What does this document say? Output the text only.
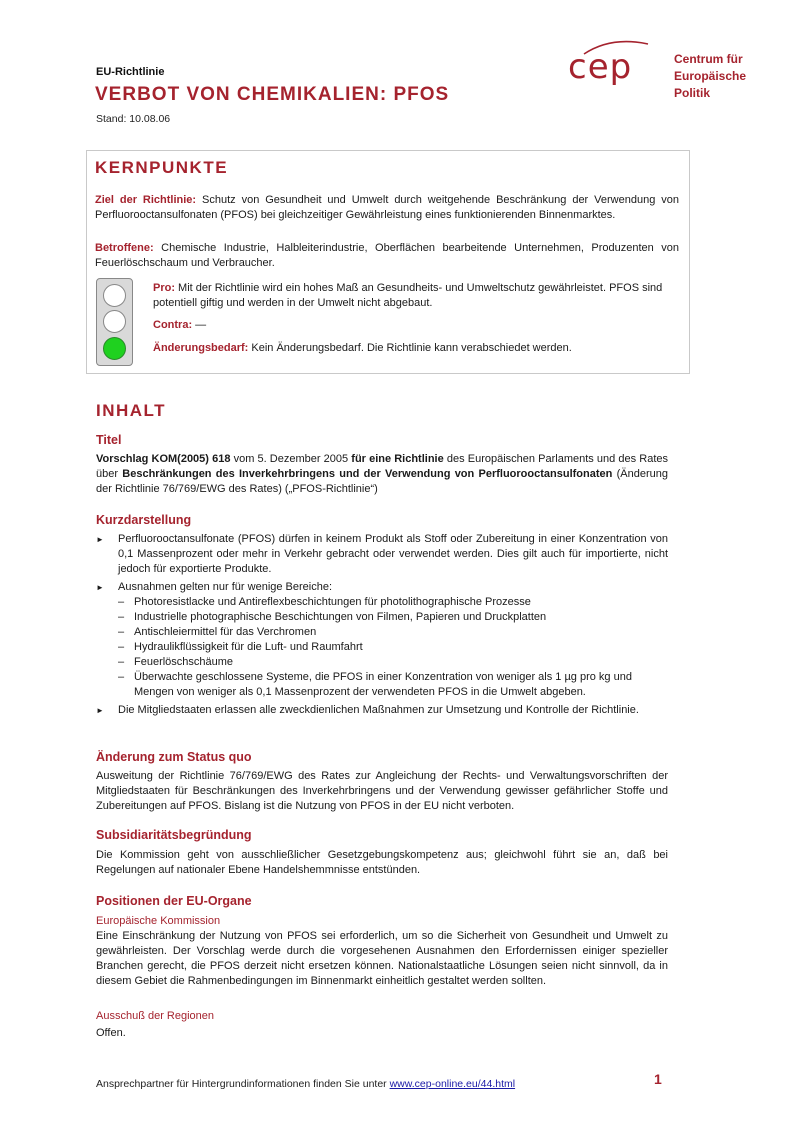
EU-Richtlinie
VERBOT VON CHEMIKALIEN: PFOS
Stand: 10.08.06
cep	Centrum für
Europäische
Politik
KERNPUNKTE
Ziel der Richtlinie: Schutz von Gesundheit und Umwelt durch weitgehende Beschränkung der Verwendung von Perfluorooctansulfonaten (PFOS) bei gleichzeitiger Gewährleistung eines funktionierenden Binnenmarktes.
Betroffene: Chemische Industrie, Halbleiterindustrie, Oberflächen bearbeitende Unternehmen, Produzenten von Feuerlöschschaum und Verbraucher.
Pro: Mit der Richtlinie wird ein hohes Maß an Gesundheits- und Umweltschutz gewährleistet. PFOS sind potentiell giftig und werden in der Umwelt nicht abgebaut.
Contra: —
Änderungsbedarf: Kein Änderungsbedarf. Die Richtlinie kann verabschiedet werden.
INHALT
Titel
Vorschlag KOM(2005) 618 vom 5. Dezember 2005 für eine Richtlinie des Europäischen Parlaments und des Rates über Beschränkungen des Inverkehrbringens und der Verwendung von Perfluorooctansulfonaten (Änderung der Richtlinie 76/769/EWG des Rates) („PFOS-Richtlinie“)
Kurzdarstellung
► Perfluorooctansulfonate (PFOS) dürfen in keinem Produkt als Stoff oder Zubereitung in einer Konzentration von 0,1 Massenprozent oder mehr in Verkehr gebracht oder verwendet werden. Dies gilt auch für importierte, nicht jedoch für exportierte Produkte.
► Ausnahmen gelten nur für wenige Bereiche:
– Photoresistlacke und Antireflexbeschichtungen für photolithographische Prozesse
– Industrielle photographische Beschichtungen von Filmen, Papieren und Druckplatten
– Antischleiermittel für das Verchromen
– Hydraulikflüssigkeit für die Luft- und Raumfahrt
– Feuerlöschschäume
– Überwachte geschlossene Systeme, die PFOS in einer Konzentration von weniger als 1 µg pro kg und Mengen von weniger als 0,1 Massenprozent der verwendeten PFOS in die Umwelt abgeben.
► Die Mitgliedstaaten erlassen alle zweckdienlichen Maßnahmen zur Umsetzung und Kontrolle der Richtlinie.
Änderung zum Status quo
Ausweitung der Richtlinie 76/769/EWG des Rates zur Angleichung der Rechts- und Verwaltungsvorschriften der Mitgliedstaaten für Beschränkungen des Inverkehrbringens und der Verwendung gewisser gefährlicher Stoffe und Zubereitungen auf PFOS. Bislang ist die Nutzung von PFOS in der EU nicht verboten.
Subsidiaritätsbegründung
Die Kommission geht von ausschließlicher Gesetzgebungskompetenz aus; gleichwohl führt sie an, daß bei Regelungen auf nationaler Ebene Handelshemmnisse entstünden.
Positionen der EU-Organe
Europäische Kommission
Eine Einschränkung der Nutzung von PFOS sei erforderlich, um so die Sicherheit von Gesundheit und Umwelt zu gewährleisten. Der Vorschlag werde durch die vorgesehenen Ausnahmen den Erfordernissen einiger spezieller Branchen gerecht, die PFOS derzeit nicht ersetzen können. Nationalstaatliche Lösungen seien nicht sinnvoll, da in diesem Gebiet die Rahmenbedingungen im Binnenmarkt einheitlich gestaltet werden sollten.
Ausschuß der Regionen
Offen.
Ansprechpartner für Hintergrundinformationen finden Sie unter www.cep-online.eu/44.html	1
